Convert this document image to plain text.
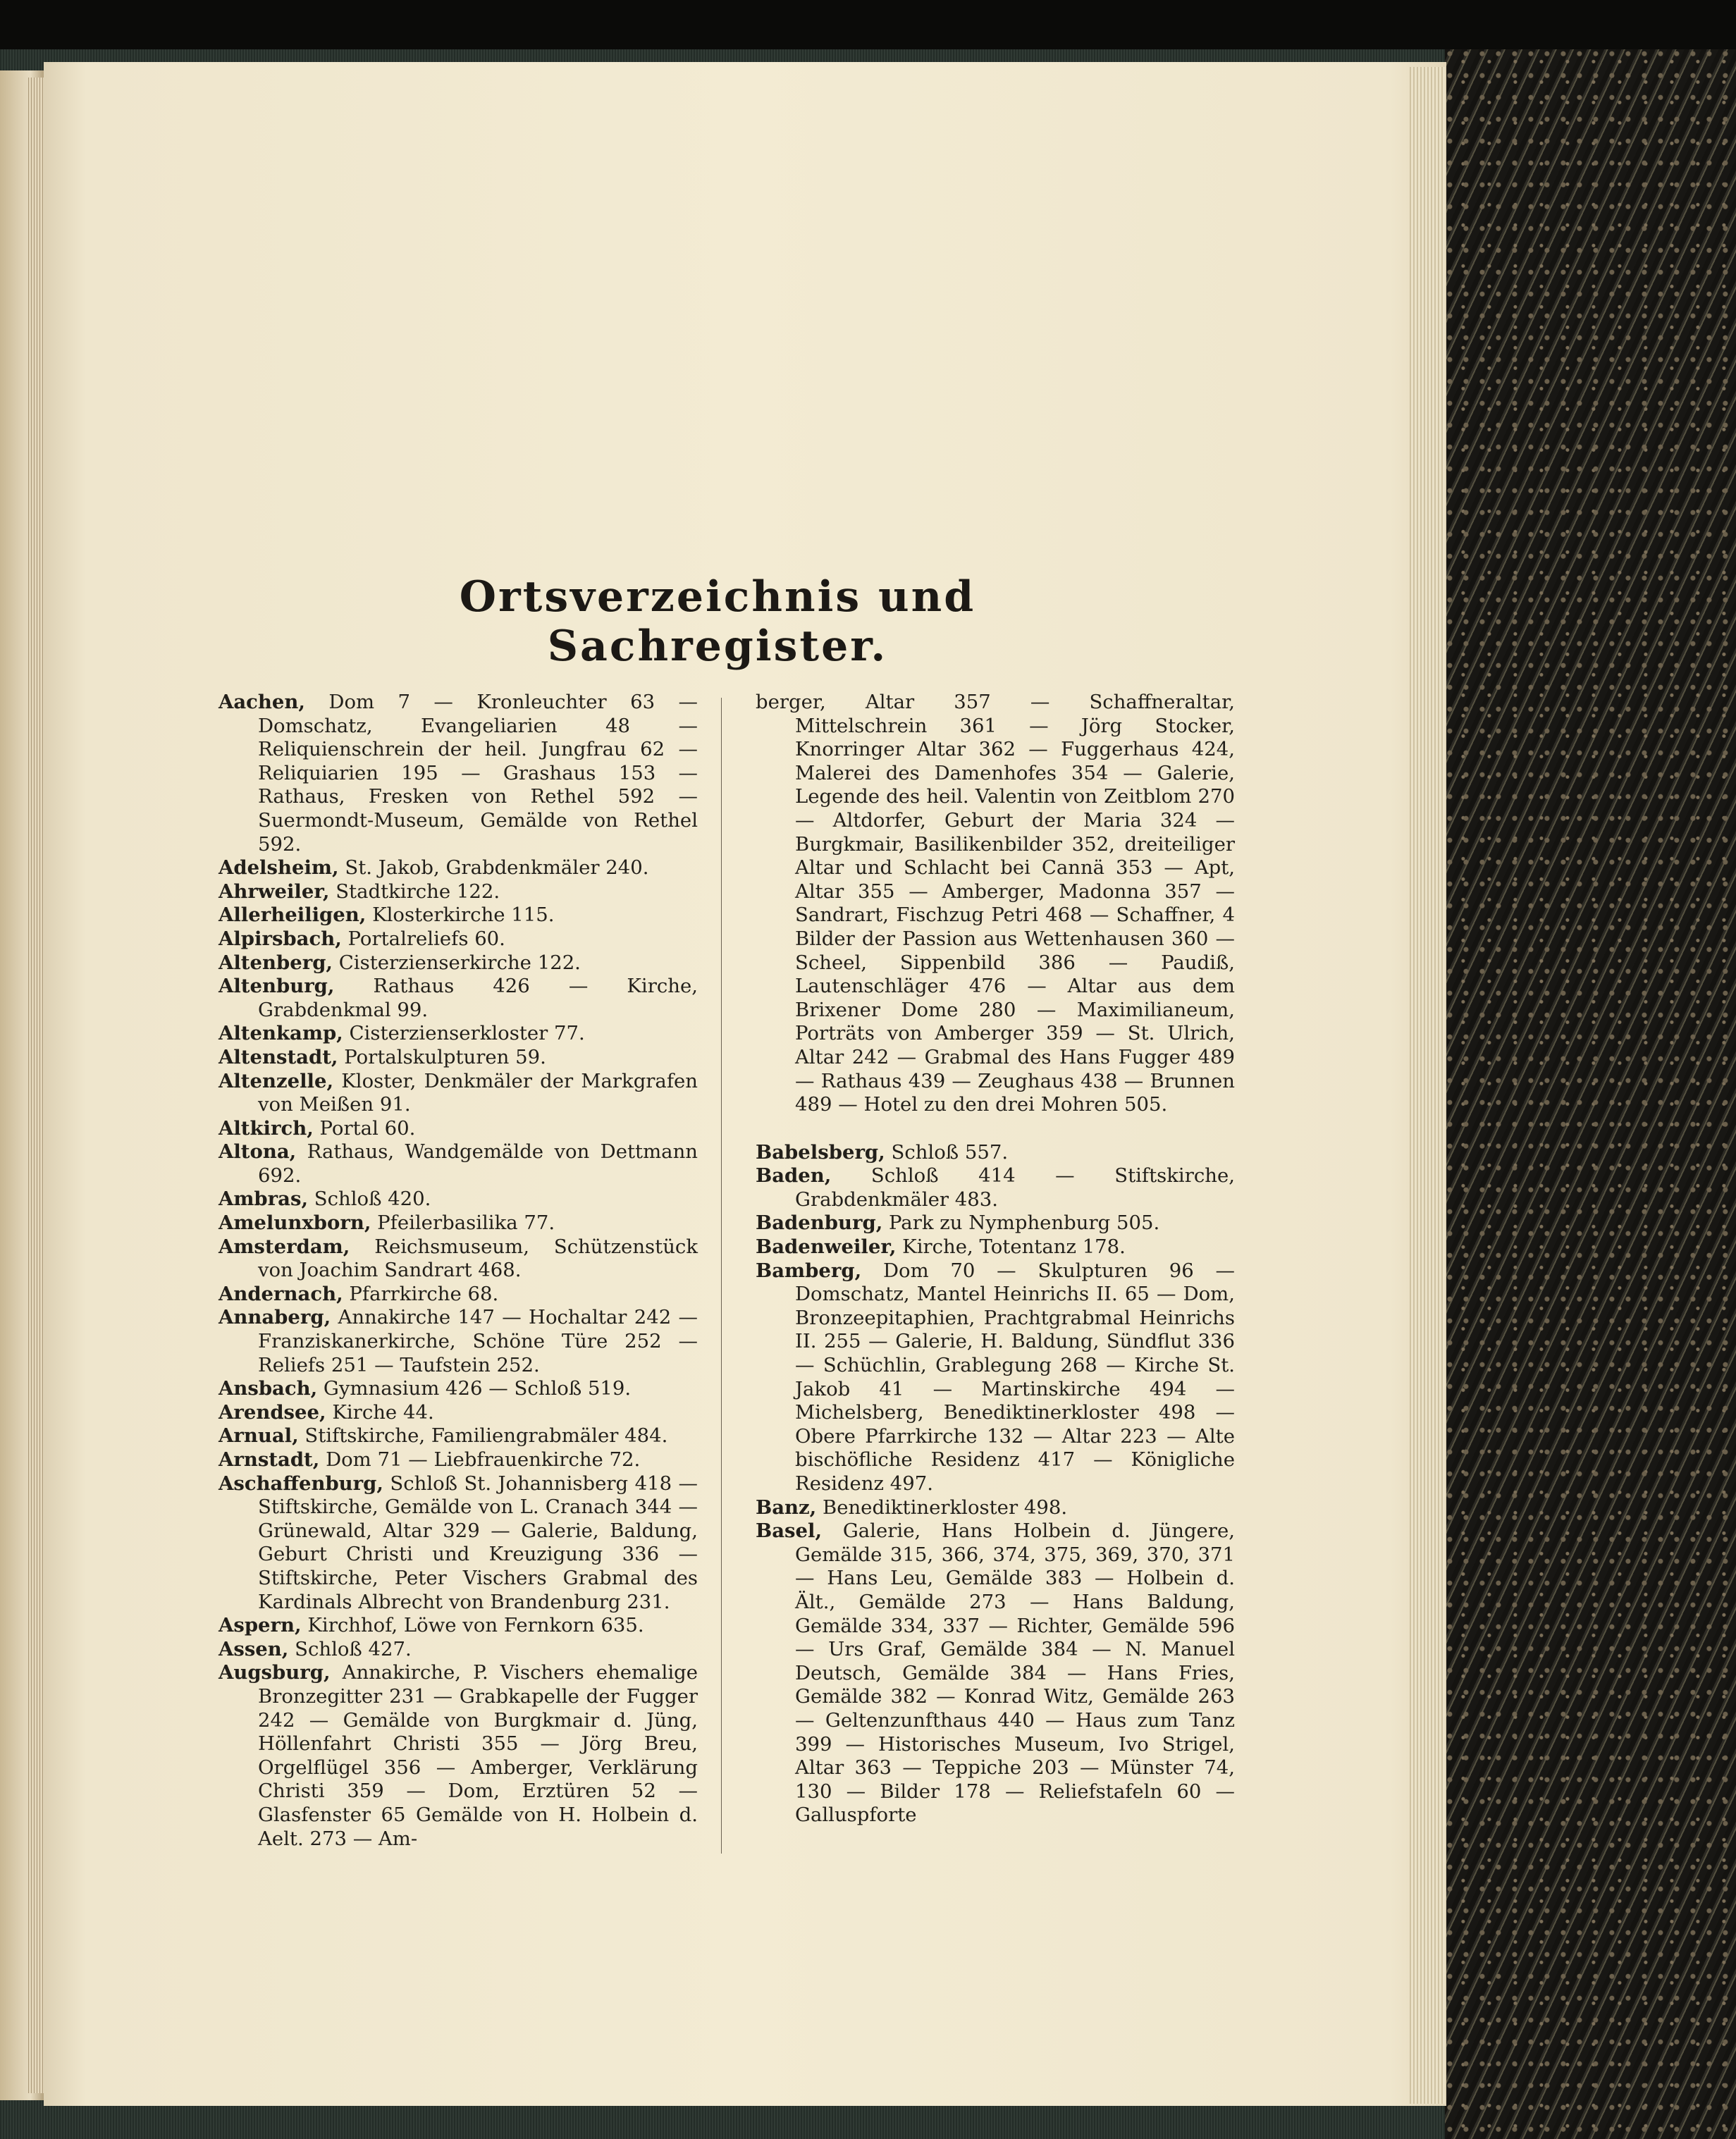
Ortsverzeichnis und Sachregister.

Aachen, Dom 7 — Kronleuchter 63 — Domschatz, Evangeliarien 48 — Reliquienschrein der heil. Jungfrau 62 — Reliquiarien 195 — Grashaus 153 — Rathaus, Fresken von Rethel 592 — Suermondt-Museum, Gemälde von Rethel 592.

Adelsheim, St. Jakob, Grabdenkmäler 240.

Ahrweiler, Stadtkirche 122.

Allerheiligen, Klosterkirche 115.

Alpirsbach, Portalreliefs 60.

Altenberg, Cisterzienserkirche 122.

Altenburg, Rathaus 426 — Kirche, Grabdenkmal 99.

Altenkamp, Cisterzienserkloster 77.

Altenstadt, Portalskulpturen 59.

Altenzelle, Kloster, Denkmäler der Markgrafen von Meißen 91.

Altkirch, Portal 60.

Altona, Rathaus, Wandgemälde von Dettmann 692.

Ambras, Schloß 420.

Amelunxborn, Pfeilerbasilika 77.

Amsterdam, Reichsmuseum, Schützenstück von Joachim Sandrart 468.

Andernach, Pfarrkirche 68.

Annaberg, Annakirche 147 — Hochaltar 242 — Franziskanerkirche, Schöne Türe 252 — Reliefs 251 — Taufstein 252.

Ansbach, Gymnasium 426 — Schloß 519.

Arendsee, Kirche 44.

Arnual, Stiftskirche, Familiengrabmäler 484.

Arnstadt, Dom 71 — Liebfrauenkirche 72.

Aschaffenburg, Schloß St. Johannisberg 418 — Stiftskirche, Gemälde von L. Cranach 344 — Grünewald, Altar 329 — Galerie, Baldung, Geburt Christi und Kreuzigung 336 — Stiftskirche, Peter Vischers Grabmal des Kardinals Albrecht von Brandenburg 231.

Aspern, Kirchhof, Löwe von Fernkorn 635.

Assen, Schloß 427.

Augsburg, Annakirche, P. Vischers ehemalige Bronzegitter 231 — Grabkapelle der Fugger 242 — Gemälde von Burgkmair d. Jüng, Höllenfahrt Christi 355 — Jörg Breu, Orgelflügel 356 — Amberger, Verklärung Christi 359 — Dom, Erztüren 52 — Glasfenster 65 Gemälde von H. Holbein d. Aelt. 273 — Am-

berger, Altar 357 — Schaffneraltar, Mittelschrein 361 — Jörg Stocker, Knorringer Altar 362 — Fuggerhaus 424, Malerei des Damenhofes 354 — Galerie, Legende des heil. Valentin von Zeitblom 270 — Altdorfer, Geburt der Maria 324 — Burgkmair, Basilikenbilder 352, dreiteiliger Altar und Schlacht bei Cannä 353 — Apt, Altar 355 — Amberger, Madonna 357 — Sandrart, Fischzug Petri 468 — Schaffner, 4 Bilder der Passion aus Wettenhausen 360 — Scheel, Sippenbild 386 — Paudiß, Lautenschläger 476 — Altar aus dem Brixener Dome 280 — Maximilianeum, Porträts von Amberger 359 — St. Ulrich, Altar 242 — Grabmal des Hans Fugger 489 — Rathaus 439 — Zeughaus 438 — Brunnen 489 — Hotel zu den drei Mohren 505.

Babelsberg, Schloß 557.

Baden, Schloß 414 — Stiftskirche, Grabdenkmäler 483.

Badenburg, Park zu Nymphenburg 505.

Badenweiler, Kirche, Totentanz 178.

Bamberg, Dom 70 — Skulpturen 96 — Domschatz, Mantel Heinrichs II. 65 — Dom, Bronzeepitaphien, Prachtgrabmal Heinrichs II. 255 — Galerie, H. Baldung, Sündflut 336 — Schüchlin, Grablegung 268 — Kirche St. Jakob 41 — Martinskirche 494 — Michelsberg, Benediktinerkloster 498 — Obere Pfarrkirche 132 — Altar 223 — Alte bischöfliche Residenz 417 — Königliche Residenz 497.

Banz, Benediktinerkloster 498.

Basel, Galerie, Hans Holbein d. Jüngere, Gemälde 315, 366, 374, 375, 369, 370, 371 — Hans Leu, Gemälde 383 — Holbein d. Ält., Gemälde 273 — Hans Baldung, Gemälde 334, 337 — Richter, Gemälde 596 — Urs Graf, Gemälde 384 — N. Manuel Deutsch, Gemälde 384 — Hans Fries, Gemälde 382 — Konrad Witz, Gemälde 263 — Geltenzunfthaus 440 — Haus zum Tanz 399 — Historisches Museum, Ivo Strigel, Altar 363 — Teppiche 203 — Münster 74, 130 — Bilder 178 — Reliefstafeln 60 — Galluspforte
